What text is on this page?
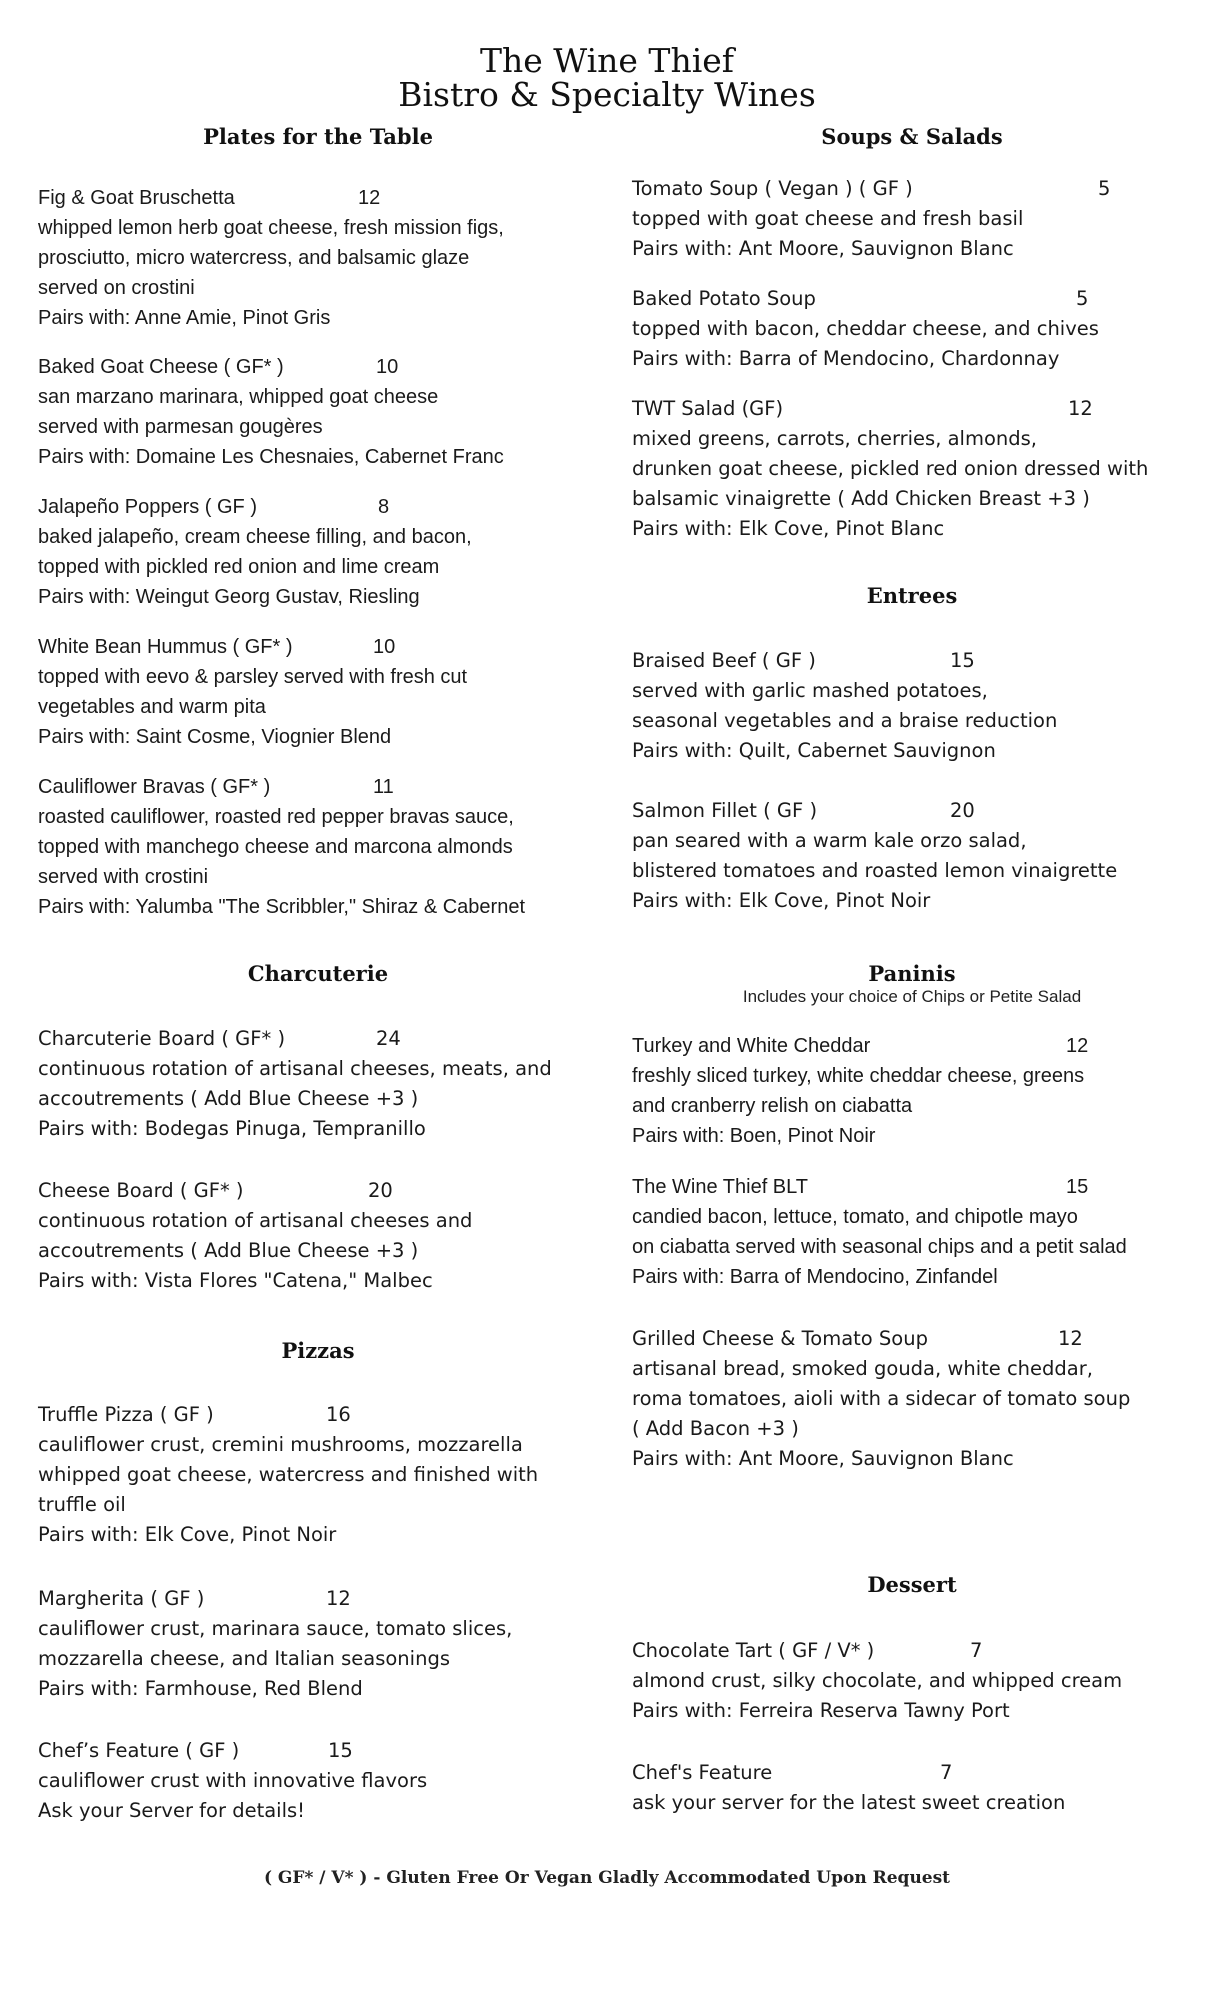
The Wine Thief
Bistro & Specialty Wines
Plates for the Table
Fig & Goat Bruschetta	12
whipped lemon herb goat cheese, fresh mission figs,
prosciutto, micro watercress, and balsamic glaze
served on crostini
Pairs with: Anne Amie, Pinot Gris
Baked Goat Cheese ( GF* )	10
san marzano marinara, whipped goat cheese
served with parmesan gougères
Pairs with: Domaine Les Chesnaies, Cabernet Franc
Jalapeño Poppers ( GF )	8
baked jalapeño, cream cheese filling, and bacon,
topped with pickled red onion and lime cream
Pairs with: Weingut Georg Gustav, Riesling
White Bean Hummus ( GF* )	10
topped with eevo & parsley served with fresh cut
vegetables and warm pita
Pairs with: Saint Cosme, Viognier Blend
Cauliflower Bravas ( GF* )	11
roasted cauliflower, roasted red pepper bravas sauce,
topped with manchego cheese and marcona almonds
served with crostini
Pairs with: Yalumba "The Scribbler," Shiraz & Cabernet
Charcuterie
Charcuterie Board ( GF* )	24
continuous rotation of artisanal cheeses, meats, and
accoutrements ( Add Blue Cheese +3 )
Pairs with: Bodegas Pinuga, Tempranillo
Cheese Board ( GF* )	20
continuous rotation of artisanal cheeses and
accoutrements ( Add Blue Cheese +3 )
Pairs with: Vista Flores "Catena," Malbec
Pizzas
Truffle Pizza ( GF )	16
cauliflower crust, cremini mushrooms, mozzarella
whipped goat cheese, watercress and finished with
truffle oil
Pairs with: Elk Cove, Pinot Noir
Margherita ( GF )	12
cauliflower crust, marinara sauce, tomato slices,
mozzarella cheese, and Italian seasonings
Pairs with: Farmhouse, Red Blend
Chef’s Feature ( GF )	15
cauliflower crust with innovative flavors
Ask your Server for details!
Soups & Salads
Tomato Soup ( Vegan ) ( GF )	5
topped with goat cheese and fresh basil
Pairs with: Ant Moore, Sauvignon Blanc
Baked Potato Soup	5
topped with bacon, cheddar cheese, and chives
Pairs with: Barra of Mendocino, Chardonnay
TWT Salad (GF)	12
mixed greens, carrots, cherries, almonds,
drunken goat cheese, pickled red onion dressed with
balsamic vinaigrette ( Add Chicken Breast +3 )
Pairs with: Elk Cove, Pinot Blanc
Entrees
Braised Beef ( GF )	15
served with garlic mashed potatoes,
seasonal vegetables and a braise reduction
Pairs with: Quilt, Cabernet Sauvignon
Salmon Fillet ( GF )	20
pan seared with a warm kale orzo salad,
blistered tomatoes and roasted lemon vinaigrette
Pairs with: Elk Cove, Pinot Noir
Paninis
Includes your choice of Chips or Petite Salad
Turkey and White Cheddar	12
freshly sliced turkey, white cheddar cheese, greens
and cranberry relish on ciabatta
Pairs with: Boen, Pinot Noir
The Wine Thief BLT	15
candied bacon, lettuce, tomato, and chipotle mayo
on ciabatta served with seasonal chips and a petit salad
Pairs with: Barra of Mendocino, Zinfandel
Grilled Cheese & Tomato Soup	12
artisanal bread, smoked gouda, white cheddar,
roma tomatoes, aioli with a sidecar of tomato soup
( Add Bacon +3 )
Pairs with: Ant Moore, Sauvignon Blanc
Dessert
Chocolate Tart ( GF / V* )	7
almond crust, silky chocolate, and whipped cream
Pairs with: Ferreira Reserva Tawny Port
Chef's Feature	7
ask your server for the latest sweet creation
( GF* / V* ) - Gluten Free Or Vegan Gladly Accommodated Upon Request
